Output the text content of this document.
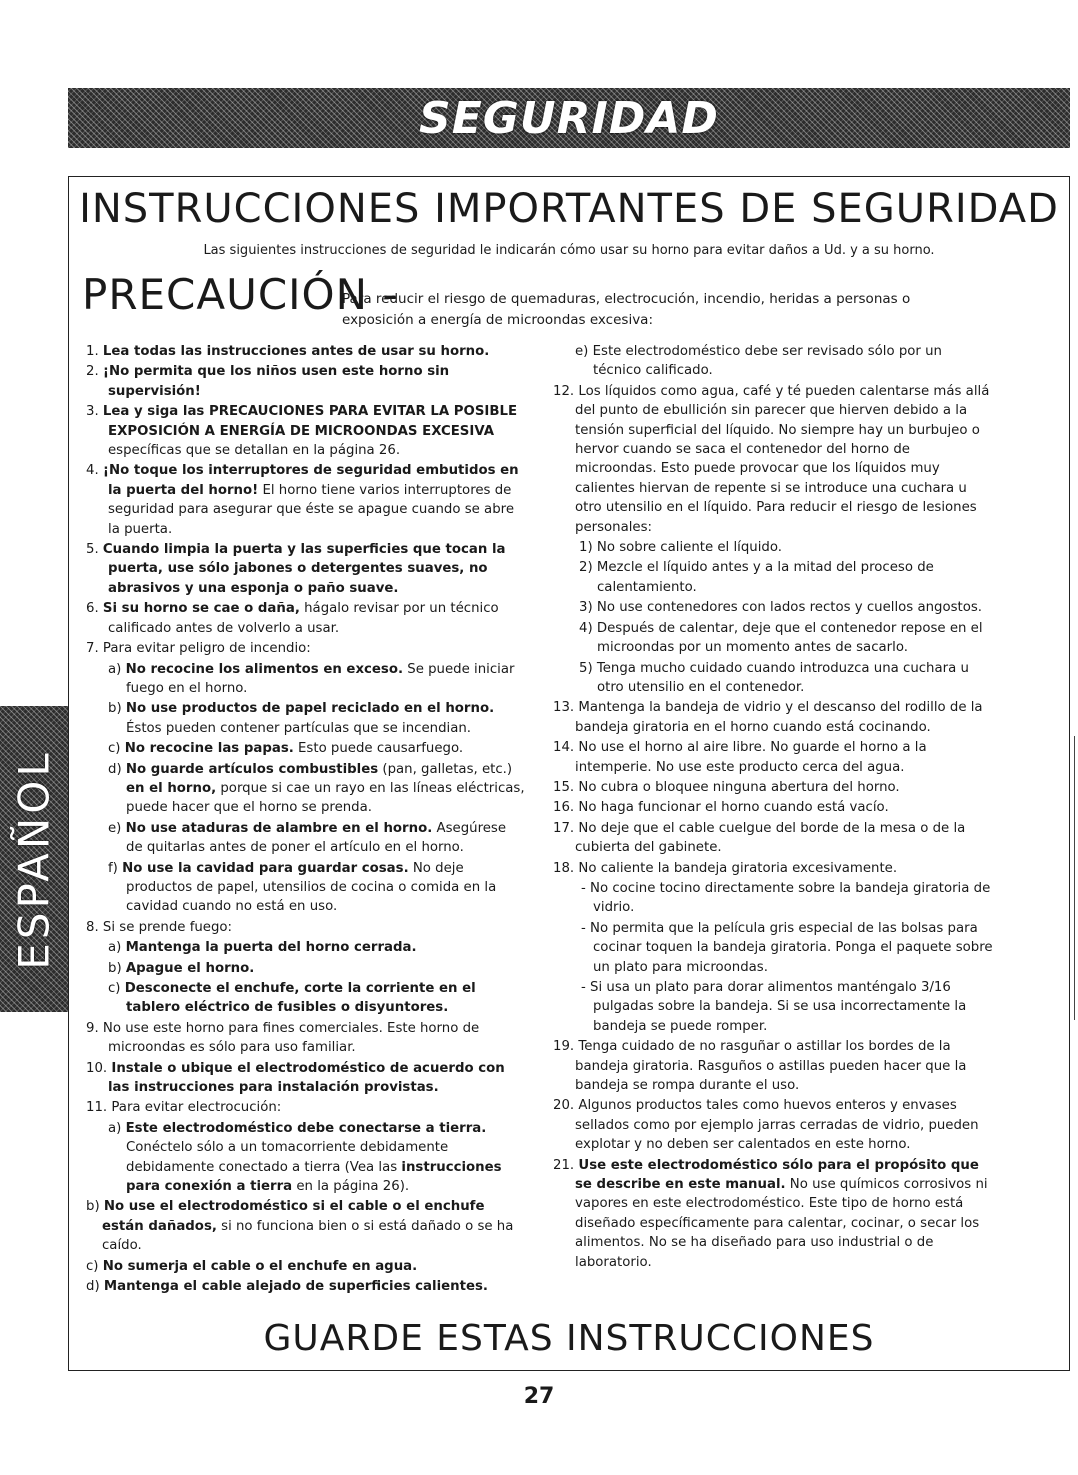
SEGURIDAD
ESPAÑOL
INSTRUCCIONES IMPORTANTES DE SEGURIDAD
Las siguientes instrucciones de seguridad le indicarán cómo usar su horno para evitar daños a Ud. y a su horno.
PRECAUCIÓN -
Para reducir el riesgo de quemaduras, electrocución, incendio, heridas a personas o exposición a energía de microondas excesiva:

1. Lea todas las instrucciones antes de usar su horno.

2. ¡No permita que los niños usen este horno sin supervisión!

3. Lea y siga las PRECAUCIONES PARA EVITAR LA POSIBLE EXPOSICIÓN A ENERGÍA DE MICROONDAS EXCESIVA específicas que se detallan en la página 26.

4. ¡No toque los interruptores de seguridad embutidos en la puerta del horno! El horno tiene varios interruptores de seguridad para asegurar que éste se apague cuando se abre la puerta.

5. Cuando limpia la puerta y las superficies que tocan la puerta, use sólo jabones o detergentes suaves, no abrasivos y una esponja o paño suave.

6. Si su horno se cae o daña, hágalo revisar por un técnico calificado antes de volverlo a usar.

7. Para evitar peligro de incendio:

a) No recocine los alimentos en exceso. Se puede iniciar fuego en el horno.

b) No use productos de papel reciclado en el horno. Éstos pueden contener partículas que se incendian.

c) No recocine las papas. Esto puede causarfuego.

d) No guarde artículos combustibles (pan, galletas, etc.) en el horno, porque si cae un rayo en las líneas eléctricas, puede hacer que el horno se prenda.

e) No use ataduras de alambre en el horno. Asegúrese de quitarlas antes de poner el artículo en el horno.

f) No use la cavidad para guardar cosas. No deje productos de papel, utensilios de cocina o comida en la cavidad cuando no está en uso.

8. Si se prende fuego:

a) Mantenga la puerta del horno cerrada.

b) Apague el horno.

c) Desconecte el enchufe, corte la corriente en el tablero eléctrico de fusibles o disyuntores.

9. No use este horno para fines comerciales. Este horno de microondas es sólo para uso familiar.

10. Instale o ubique el electrodoméstico de acuerdo con las instrucciones para instalación provistas.

11. Para evitar electrocución:

a) Este electrodoméstico debe conectarse a tierra. Conéctelo sólo a un tomacorriente debidamente debidamente conectado a tierra (Vea las instrucciones para conexión a tierra en la página 26).

b) No use el electrodoméstico si el cable o el enchufe están dañados, si no funciona bien o si está dañado o se ha caído.

c) No sumerja el cable o el enchufe en agua.

d) Mantenga el cable alejado de superficies calientes.

e) Este electrodoméstico debe ser revisado sólo por un técnico calificado.

12. Los líquidos como agua, café y té pueden calentarse más allá del punto de ebullición sin parecer que hierven debido a la tensión superficial del líquido. No siempre hay un burbujeo o hervor cuando se saca el contenedor del horno de microondas. Esto puede provocar que los líquidos muy calientes hiervan de repente si se introduce una cuchara u otro utensilio en el líquido. Para reducir el riesgo de lesiones personales:

1) No sobre caliente el líquido.

2) Mezcle el líquido antes y a la mitad del proceso de calentamiento.

3) No use contenedores con lados rectos y cuellos angostos.

4) Después de calentar, deje que el contenedor repose en el microondas por un momento antes de sacarlo.

5) Tenga mucho cuidado cuando introduzca una cuchara u otro utensilio en el contenedor.

13. Mantenga la bandeja de vidrio y el descanso del rodillo de la bandeja giratoria en el horno cuando está cocinando.

14. No use el horno al aire libre. No guarde el horno a la intemperie. No use este producto cerca del agua.

15. No cubra o bloquee ninguna abertura del horno.

16. No haga funcionar el horno cuando está vacío.

17. No deje que el cable cuelgue del borde de la mesa o de la cubierta del gabinete.

18. No caliente la bandeja giratoria excesivamente.

- No cocine tocino directamente sobre la bandeja giratoria de vidrio.

- No permita que la película gris especial de las bolsas para cocinar toquen la bandeja giratoria. Ponga el paquete sobre un plato para microondas.

- Si usa un plato para dorar alimentos manténgalo 3/16 pulgadas sobre la bandeja. Si se usa incorrectamente la bandeja se puede romper.

19. Tenga cuidado de no rasguñar o astillar los bordes de la bandeja giratoria. Rasguños o astillas pueden hacer que la bandeja se rompa durante el uso.

20. Algunos productos tales como huevos enteros y envases sellados como por ejemplo jarras cerradas de vidrio, pueden explotar y no deben ser calentados en este horno.

21. Use este electrodoméstico sólo para el propósito que se describe en este manual. No use químicos corrosivos ni vapores en este electrodoméstico. Este tipo de horno está diseñado específicamente para calentar, cocinar, o secar los alimentos. No se ha diseñado para uso industrial o de laboratorio.

GUARDE ESTAS INSTRUCCIONES
27
